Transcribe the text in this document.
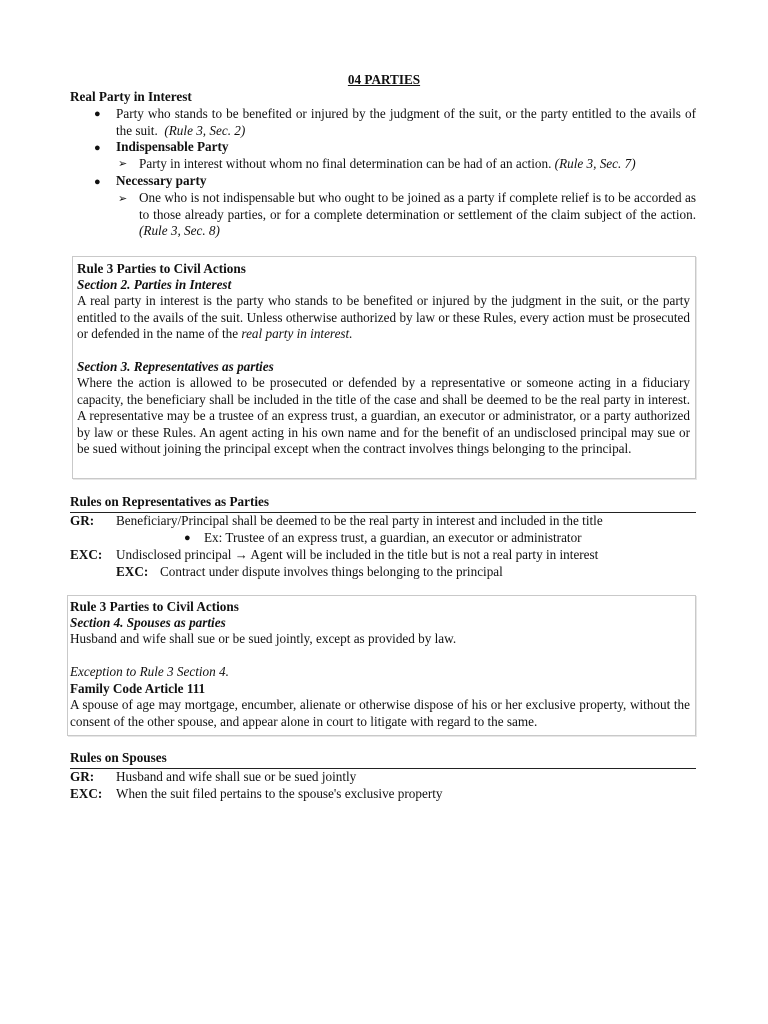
04 PARTIES
Real Party in Interest
● Party who stands to be benefited or injured by the judgment of the suit, or the party entitled to the avails of the suit. (Rule 3, Sec. 2)
● Indispensable Party
➢ Party in interest without whom no final determination can be had of an action. (Rule 3, Sec. 7)
● Necessary party
➢ One who is not indispensable but who ought to be joined as a party if complete relief is to be accorded as to those already parties, or for a complete determination or settlement of the claim subject of the action. (Rule 3, Sec. 8)
Rule 3 Parties to Civil Actions
Section 2. Parties in Interest
A real party in interest is the party who stands to be benefited or injured by the judgment in the suit, or the party entitled to the avails of the suit. Unless otherwise authorized by law or these Rules, every action must be prosecuted or defended in the name of the real party in interest.
Section 3. Representatives as parties
Where the action is allowed to be prosecuted or defended by a representative or someone acting in a fiduciary capacity, the beneficiary shall be included in the title of the case and shall be deemed to be the real party in interest. A representative may be a trustee of an express trust, a guardian, an executor or administrator, or a party authorized by law or these Rules. An agent acting in his own name and for the benefit of an undisclosed principal may sue or be sued without joining the principal except when the contract involves things belonging to the principal.
Rules on Representatives as Parties
GR: Beneficiary/Principal shall be deemed to be the real party in interest and included in the title
● Ex: Trustee of an express trust, a guardian, an executor or administrator
EXC: Undisclosed principal → Agent will be included in the title but is not a real party in interest
EXC: Contract under dispute involves things belonging to the principal
Rule 3 Parties to Civil Actions
Section 4. Spouses as parties
Husband and wife shall sue or be sued jointly, except as provided by law.
Exception to Rule 3 Section 4.
Family Code Article 111
A spouse of age may mortgage, encumber, alienate or otherwise dispose of his or her exclusive property, without the consent of the other spouse, and appear alone in court to litigate with regard to the same.
Rules on Spouses
GR: Husband and wife shall sue or be sued jointly
EXC: When the suit filed pertains to the spouse's exclusive property
